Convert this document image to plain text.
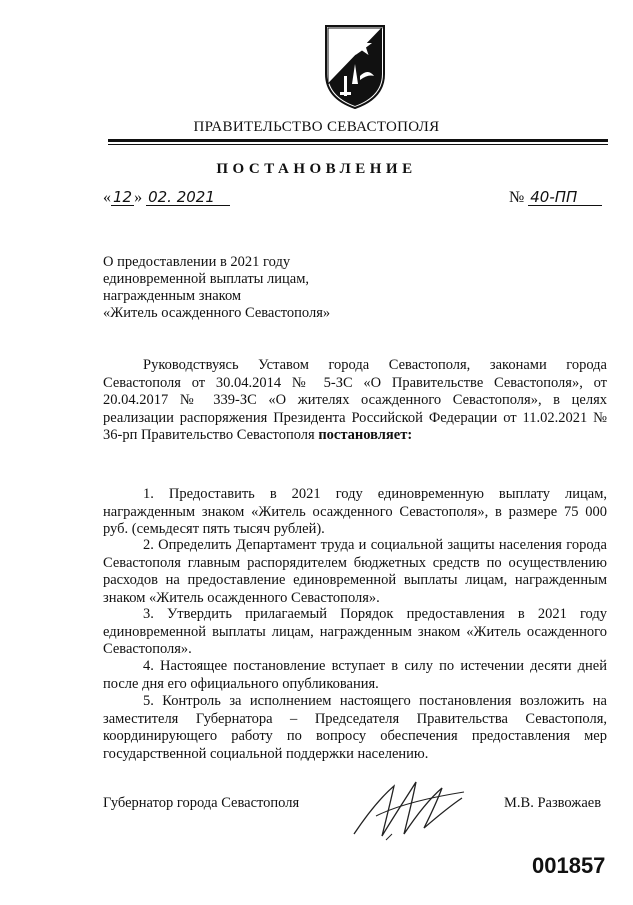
ПРАВИТЕЛЬСТВО СЕВАСТОПОЛЯ
ПОСТАНОВЛЕНИЕ
« 12 » 02. 2021	№ 40-ПП
О предоставлении в 2021 году
единовременной выплаты лицам,
награжденным знаком
«Житель осажденного Севастополя»

Руководствуясь Уставом города Севастополя, законами города Севастополя от 30.04.2014 № 5-ЗС «О Правительстве Севастополя», от 20.04.2017 № 339-ЗС «О жителях осажденного Севастополя», в целях реализации распоряжения Президента Российской Федерации от 11.02.2021 № 36-рп Правительство Севастополя постановляет:

1. Предоставить в 2021 году единовременную выплату лицам, награжденным знаком «Житель осажденного Севастополя», в размере 75 000 руб. (семьдесят пять тысяч рублей).

2. Определить Департамент труда и социальной защиты населения города Севастополя главным распорядителем бюджетных средств по осуществлению расходов на предоставление единовременной выплаты лицам, награжденным знаком «Житель осажденного Севастополя».

3. Утвердить прилагаемый Порядок предоставления в 2021 году единовременной выплаты лицам, награжденным знаком «Житель осажденного Севастополя».

4. Настоящее постановление вступает в силу по истечении десяти дней после дня его официального опубликования.

5. Контроль за исполнением настоящего постановления возложить на заместителя Губернатора – Председателя Правительства Севастополя, координирующего работу по вопросу обеспечения предоставления мер государственной социальной поддержки населению.

Губернатор города Севастополя	М.В. Развожаев
001857
